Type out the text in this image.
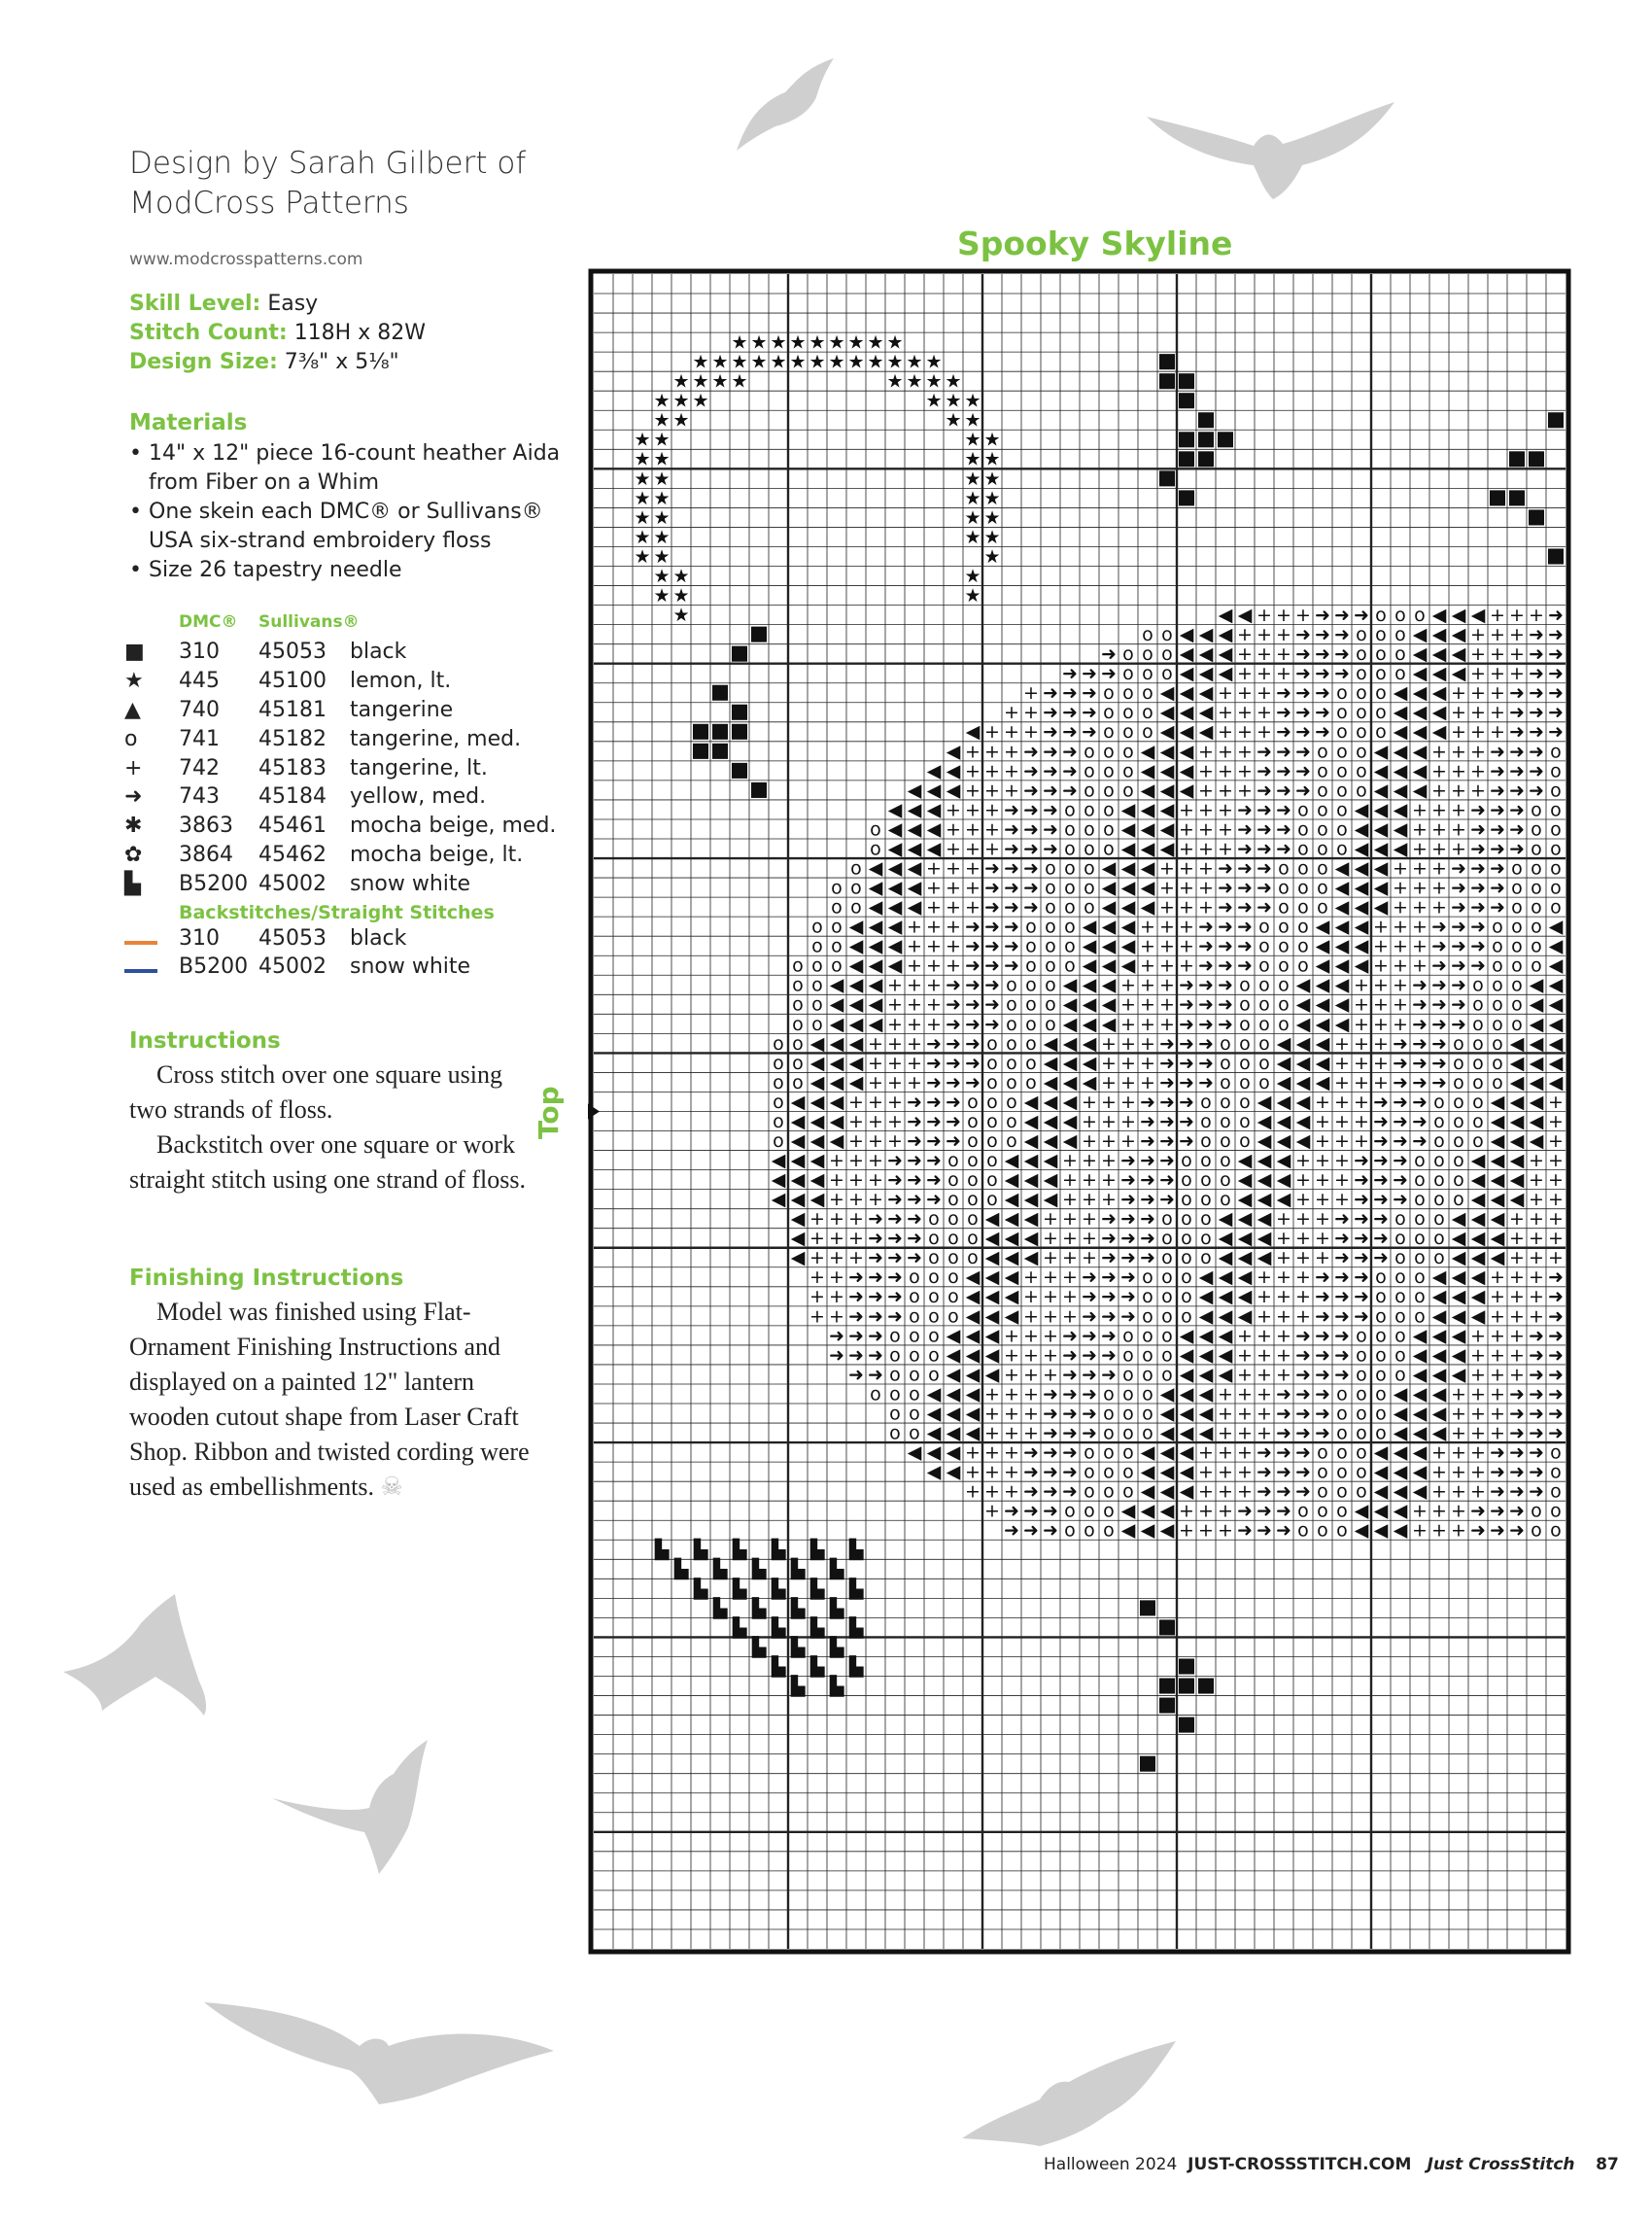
Design by Sarah Gilbert of
ModCross Patterns
www.modcrosspatterns.com
Skill Level: Easy
Stitch Count: 118H x 82W
Design Size: 7³⁄₈" x 5¹⁄₈"
Materials
• 14" x 12" piece 16-count heather Aida from Fiber on a Whim
• One skein each DMC® or Sullivans® USA six-strand embroidery floss
• Size 26 tapestry needle
DMC®	Sullivans®
■	310	45053	black
★	445	45100	lemon, lt.
▲	740	45181	tangerine
o	741	45182	tangerine, med.
+	742	45183	tangerine, lt.
➜	743	45184	yellow, med.
✱	3863	45461	mocha beige, med.
✿	3864	45462	mocha beige, lt.
▙	B5200 45002	snow white
Backstitches/Straight Stitches
310	45053	black
B5200 45002	snow white
Instructions

Cross stitch over one square using two strands of floss.

Backstitch over one square or work straight stitch using one strand of floss.

Finishing Instructions

Model was finished using Flat-Ornament Finishing Instructions and displayed on a painted 12" lantern wooden cutout shape from Laser Craft Shop. Ribbon and twisted cording were used as embellishments. ☠

Spooky Skyline
Top
★ ★ ★ ★ ★ ★ ★ ★ ★
★ ★ ★ ★ ★ ★ ★ ★ ★ ★ ★ ★ ★
★ ★ ★ ★	★ ★ ★ ★
★ ★ ★	★ ★ ★
★ ★	★ ★
★ ★	★ ★
★ ★	★ ★
★ ★	★ ★
★ ★	★ ★
★ ★	★ ★
★ ★	★ ★
★ ★	★
★ ★	★
★ ★	★
★	◀ ◀ + + + ➜ ➜ ➜ o o o ◀ ◀ ◀ + + + ➜
o o ◀ ◀ ◀ + + + ➜ ➜ ➜ o o o ◀ ◀ ◀ + + + ➜ ➜
➜ o o o ◀ ◀ ◀ + + + ➜ ➜ ➜ o o o ◀ ◀ ◀ + + + ➜ ➜
➜ ➜ ➜ o o o ◀ ◀ ◀ + + + ➜ ➜ ➜ o o o ◀ ◀ ◀ + + + ➜ ➜
+ ➜ ➜ ➜ o o o ◀ ◀ ◀ + + + ➜ ➜ ➜ o o o ◀ ◀ ◀ + + + ➜ ➜ ➜
+ + ➜ ➜ ➜ o o o ◀ ◀ ◀ + + + ➜ ➜ ➜ o o o ◀ ◀ ◀ + + + ➜ ➜ ➜
◀ + + + ➜ ➜ ➜ o o o ◀ ◀ ◀ + + + ➜ ➜ ➜ o o o ◀ ◀ ◀ + + + ➜ ➜ ➜
◀ + + + ➜ ➜ ➜ o o o ◀ ◀ ◀ + + + ➜ ➜ ➜ o o o ◀ ◀ ◀ + + + ➜ ➜ ➜ o
◀ ◀ + + + ➜ ➜ ➜ o o o ◀ ◀ ◀ + + + ➜ ➜ ➜ o o o ◀ ◀ ◀ + + + ➜ ➜ ➜ o
◀ ◀ ◀ + + + ➜ ➜ ➜ o o o ◀ ◀ ◀ + + + ➜ ➜ ➜ o o o ◀ ◀ ◀ + + + ➜ ➜ ➜ o
◀ ◀ ◀ + + + ➜ ➜ ➜ o o o ◀ ◀ ◀ + + + ➜ ➜ ➜ o o o ◀ ◀ ◀ + + + ➜ ➜ ➜ o o
o ◀ ◀ ◀ + + + ➜ ➜ ➜ o o o ◀ ◀ ◀ + + + ➜ ➜ ➜ o o o ◀ ◀ ◀ + + + ➜ ➜ ➜ o o
o ◀ ◀ ◀ + + + ➜ ➜ ➜ o o o ◀ ◀ ◀ + + + ➜ ➜ ➜ o o o ◀ ◀ ◀ + + + ➜ ➜ ➜ o o
o ◀ ◀ ◀ + + + ➜ ➜ ➜ o o o ◀ ◀ ◀ + + + ➜ ➜ ➜ o o o ◀ ◀ ◀ + + + ➜ ➜ ➜ o o o
o o ◀ ◀ ◀ + + + ➜ ➜ ➜ o o o ◀ ◀ ◀ + + + ➜ ➜ ➜ o o o ◀ ◀ ◀ + + + ➜ ➜ ➜ o o o
o o ◀ ◀ ◀ + + + ➜ ➜ ➜ o o o ◀ ◀ ◀ + + + ➜ ➜ ➜ o o o ◀ ◀ ◀ + + + ➜ ➜ ➜ o o o
o o ◀ ◀ ◀ + + + ➜ ➜ ➜ o o o ◀ ◀ ◀ + + + ➜ ➜ ➜ o o o ◀ ◀ ◀ + + + ➜ ➜ ➜ o o o ◀
o o ◀ ◀ ◀ + + + ➜ ➜ ➜ o o o ◀ ◀ ◀ + + + ➜ ➜ ➜ o o o ◀ ◀ ◀ + + + ➜ ➜ ➜ o o o ◀
o o o ◀ ◀ ◀ + + + ➜ ➜ ➜ o o o ◀ ◀ ◀ + + + ➜ ➜ ➜ o o o ◀ ◀ ◀ + + + ➜ ➜ ➜ o o o ◀
o o ◀ ◀ ◀ + + + ➜ ➜ ➜ o o o ◀ ◀ ◀ + + + ➜ ➜ ➜ o o o ◀ ◀ ◀ + + + ➜ ➜ ➜ o o o ◀ ◀
o o ◀ ◀ ◀ + + + ➜ ➜ ➜ o o o ◀ ◀ ◀ + + + ➜ ➜ ➜ o o o ◀ ◀ ◀ + + + ➜ ➜ ➜ o o o ◀ ◀
o o ◀ ◀ ◀ + + + ➜ ➜ ➜ o o o ◀ ◀ ◀ + + + ➜ ➜ ➜ o o o ◀ ◀ ◀ + + + ➜ ➜ ➜ o o o ◀ ◀
o o ◀ ◀ ◀ + + + ➜ ➜ ➜ o o o ◀ ◀ ◀ + + + ➜ ➜ ➜ o o o ◀ ◀ ◀ + + + ➜ ➜ ➜ o o o ◀ ◀ ◀
o o ◀ ◀ ◀ + + + ➜ ➜ ➜ o o o ◀ ◀ ◀ + + + ➜ ➜ ➜ o o o ◀ ◀ ◀ + + + ➜ ➜ ➜ o o o ◀ ◀ ◀
o o ◀ ◀ ◀ + + + ➜ ➜ ➜ o o o ◀ ◀ ◀ + + + ➜ ➜ ➜ o o o ◀ ◀ ◀ + + + ➜ ➜ ➜ o o o ◀ ◀ ◀
o ◀ ◀ ◀ + + + ➜ ➜ ➜ o o o ◀ ◀ ◀ + + + ➜ ➜ ➜ o o o ◀ ◀ ◀ + + + ➜ ➜ ➜ o o o ◀ ◀ ◀ +
o ◀ ◀ ◀ + + + ➜ ➜ ➜ o o o ◀ ◀ ◀ + + + ➜ ➜ ➜ o o o ◀ ◀ ◀ + + + ➜ ➜ ➜ o o o ◀ ◀ ◀ +
o ◀ ◀ ◀ + + + ➜ ➜ ➜ o o o ◀ ◀ ◀ + + + ➜ ➜ ➜ o o o ◀ ◀ ◀ + + + ➜ ➜ ➜ o o o ◀ ◀ ◀ +
◀ ◀ ◀ + + + ➜ ➜ ➜ o o o ◀ ◀ ◀ + + + ➜ ➜ ➜ o o o ◀ ◀ ◀ + + + ➜ ➜ ➜ o o o ◀ ◀ ◀ + +
◀ ◀ ◀ + + + ➜ ➜ ➜ o o o ◀ ◀ ◀ + + + ➜ ➜ ➜ o o o ◀ ◀ ◀ + + + ➜ ➜ ➜ o o o ◀ ◀ ◀ + +
◀ ◀ ◀ + + + ➜ ➜ ➜ o o o ◀ ◀ ◀ + + + ➜ ➜ ➜ o o o ◀ ◀ ◀ + + + ➜ ➜ ➜ o o o ◀ ◀ ◀ + +
◀ + + + ➜ ➜ ➜ o o o ◀ ◀ ◀ + + + ➜ ➜ ➜ o o o ◀ ◀ ◀ + + + ➜ ➜ ➜ o o o ◀ ◀ ◀ + + +
◀ + + + ➜ ➜ ➜ o o o ◀ ◀ ◀ + + + ➜ ➜ ➜ o o o ◀ ◀ ◀ + + + ➜ ➜ ➜ o o o ◀ ◀ ◀ + + +
◀ + + + ➜ ➜ ➜ o o o ◀ ◀ ◀ + + + ➜ ➜ ➜ o o o ◀ ◀ ◀ + + + ➜ ➜ ➜ o o o ◀ ◀ ◀ + + +
+ + ➜ ➜ ➜ o o o ◀ ◀ ◀ + + + ➜ ➜ ➜ o o o ◀ ◀ ◀ + + + ➜ ➜ ➜ o o o ◀ ◀ ◀ + + + ➜
+ + ➜ ➜ ➜ o o o ◀ ◀ ◀ + + + ➜ ➜ ➜ o o o ◀ ◀ ◀ + + + ➜ ➜ ➜ o o o ◀ ◀ ◀ + + + ➜
+ + ➜ ➜ ➜ o o o ◀ ◀ ◀ + + + ➜ ➜ ➜ o o o ◀ ◀ ◀ + + + ➜ ➜ ➜ o o o ◀ ◀ ◀ + + + ➜
➜ ➜ ➜ o o o ◀ ◀ ◀ + + + ➜ ➜ ➜ o o o ◀ ◀ ◀ + + + ➜ ➜ ➜ o o o ◀ ◀ ◀ + + + ➜ ➜
➜ ➜ ➜ o o o ◀ ◀ ◀ + + + ➜ ➜ ➜ o o o ◀ ◀ ◀ + + + ➜ ➜ ➜ o o o ◀ ◀ ◀ + + + ➜ ➜
➜ ➜ o o o ◀ ◀ ◀ + + + ➜ ➜ ➜ o o o ◀ ◀ ◀ + + + ➜ ➜ ➜ o o o ◀ ◀ ◀ + + + ➜ ➜
o o o ◀ ◀ ◀ + + + ➜ ➜ ➜ o o o ◀ ◀ ◀ + + + ➜ ➜ ➜ o o o ◀ ◀ ◀ + + + ➜ ➜ ➜
o o ◀ ◀ ◀ + + + ➜ ➜ ➜ o o o ◀ ◀ ◀ + + + ➜ ➜ ➜ o o o ◀ ◀ ◀ + + + ➜ ➜ ➜
o o ◀ ◀ ◀ + + + ➜ ➜ ➜ o o o ◀ ◀ ◀ + + + ➜ ➜ ➜ o o o ◀ ◀ ◀ + + + ➜ ➜ ➜
◀ ◀ ◀ + + + ➜ ➜ ➜ o o o ◀ ◀ ◀ + + + ➜ ➜ ➜ o o o ◀ ◀ ◀ + + + ➜ ➜ ➜ o
◀ ◀ + + + ➜ ➜ ➜ o o o ◀ ◀ ◀ + + + ➜ ➜ ➜ o o o ◀ ◀ ◀ + + + ➜ ➜ ➜ o
+ + + ➜ ➜ ➜ o o o ◀ ◀ ◀ + + + ➜ ➜ ➜ o o o ◀ ◀ ◀ + + + ➜ ➜ ➜ o
+ ➜ ➜ ➜ o o o ◀ ◀ ◀ + + + ➜ ➜ ➜ o o o ◀ ◀ ◀ + + + ➜ ➜ ➜ o o
➜ ➜ ➜ o o o ◀ ◀ ◀ + + + ➜ ➜ ➜ o o o ◀ ◀ ◀ + + + ➜ ➜ ➜ o o
▙ ▙ ▙ ▙ ▙ ▙
▙ ▙ ▙ ▙ ▙
▙ ▙ ▙ ▙ ▙
▙ ▙ ▙ ▙
▙ ▙ ▙ ▙
▙ ▙ ▙
▙ ▙ ▙
▙ ▙
Halloween 2024 JUST-CROSSSTITCH.COM Just CrossStitch 87
